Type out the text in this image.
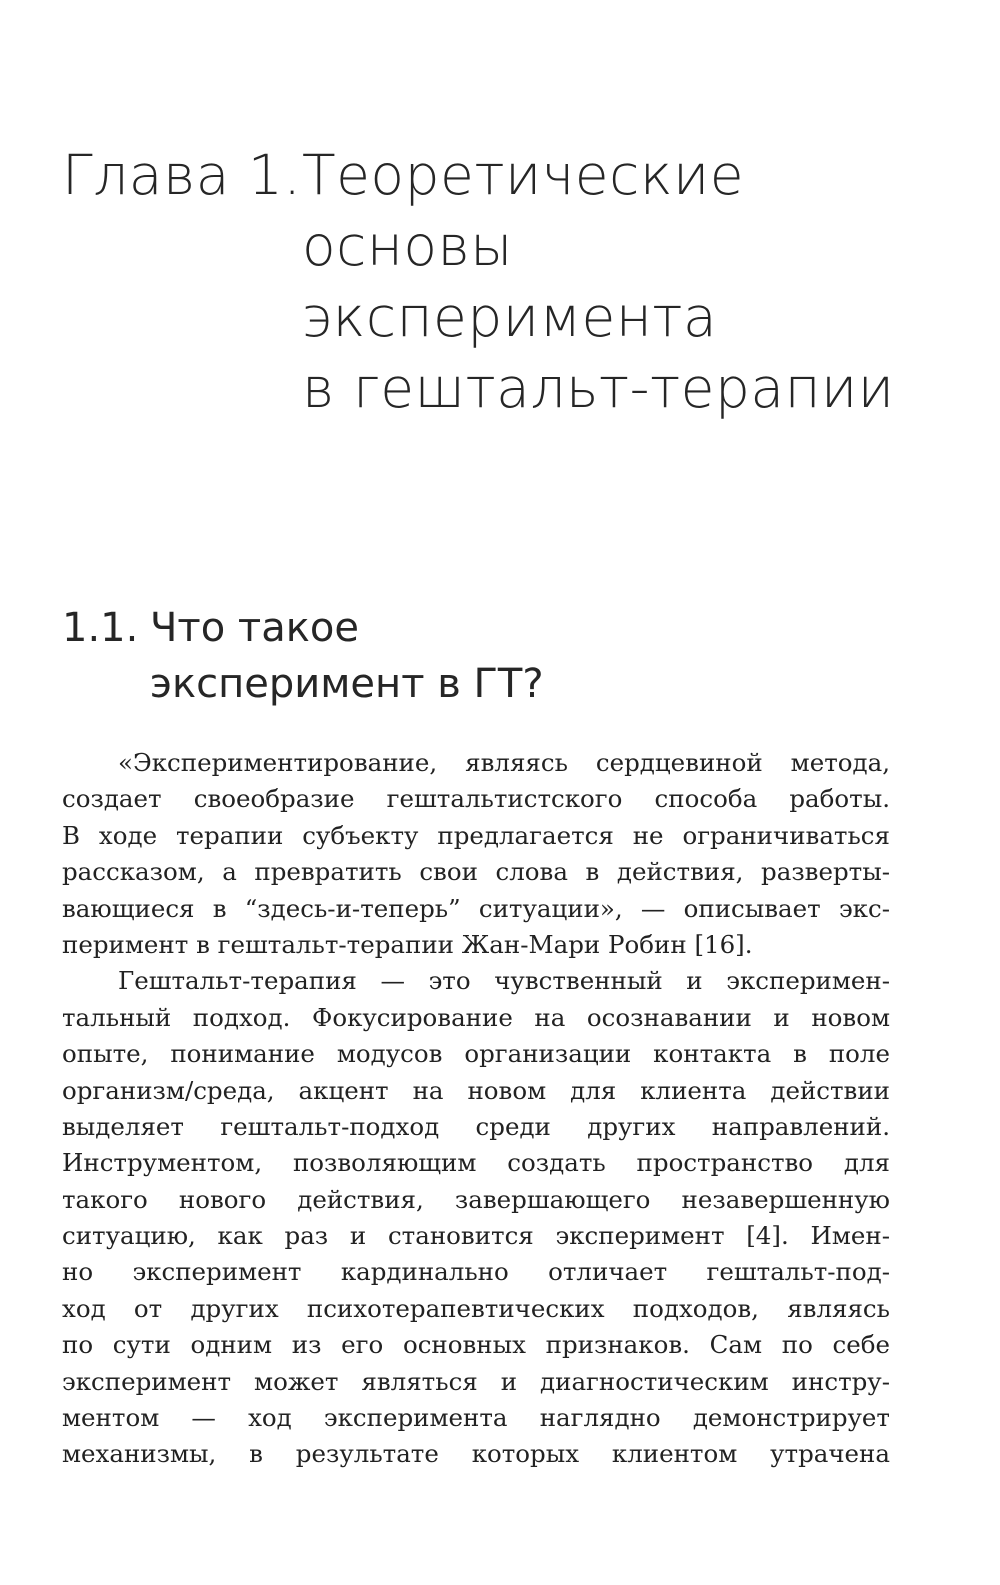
Глава 1. Теоретические
основы
эксперимента
в гештальт-терапии
1.1. Что такое
эксперимент в ГТ?
«Экспериментирование, являясь сердцевиной метода,
создает своеобразие гештальтистского способа работы.
В ходе терапии субъекту предлагается не ограничиваться
рассказом, а превратить свои слова в действия, разверты-
вающиеся в “здесь-и-теперь” ситуации», — описывает экс-
перимент в гештальт-терапии Жан-Мари Робин [16].
Гештальт-терапия — это чувственный и эксперимен-
тальный подход. Фокусирование на осознавании и новом
опыте, понимание модусов организации контакта в поле
организм/среда, акцент на новом для клиента действии
выделяет гештальт-подход среди других направлений.
Инструментом, позволяющим создать пространство для
такого нового действия, завершающего незавершенную
ситуацию, как раз и становится эксперимент [4]. Имен-
но эксперимент кардинально отличает гештальт-под-
ход от других психотерапевтических подходов, являясь
по сути одним из его основных признаков. Сам по себе
эксперимент может являться и диагностическим инстру-
ментом — ход эксперимента наглядно демонстрирует
механизмы, в результате которых клиентом утрачена
